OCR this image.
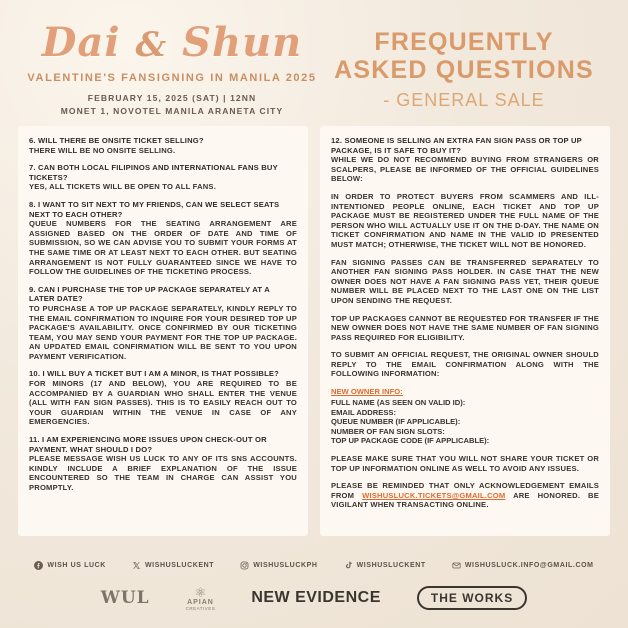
Dai & Shun
VALENTINE'S FANSIGNING IN MANILA 2025
FEBRUARY 15, 2025 (SAT) | 12NN
MONET 1, NOVOTEL MANILA ARANETA CITY
FREQUENTLY
ASKED QUESTIONS
- GENERAL SALE
6. WILL THERE BE ONSITE TICKET SELLING?
THERE WILL BE NO ONSITE SELLING.
7. CAN BOTH LOCAL FILIPINOS AND INTERNATIONAL FANS BUY TICKETS?
YES, ALL TICKETS WILL BE OPEN TO ALL FANS.
8. I WANT TO SIT NEXT TO MY FRIENDS, CAN WE SELECT SEATS NEXT TO EACH OTHER?
QUEUE NUMBERS FOR THE SEATING ARRANGEMENT ARE ASSIGNED BASED ON THE ORDER OF DATE AND TIME OF SUBMISSION, SO WE CAN ADVISE YOU TO SUBMIT YOUR FORMS AT THE SAME TIME OR AT LEAST NEXT TO EACH OTHER. BUT SEATING ARRANGEMENT IS NOT FULLY GUARANTEED SINCE WE HAVE TO FOLLOW THE GUIDELINES OF THE TICKETING PROCESS.
9. CAN I PURCHASE THE TOP UP PACKAGE SEPARATELY AT A LATER DATE?
TO PURCHASE A TOP UP PACKAGE SEPARATELY, KINDLY REPLY TO THE EMAIL CONFIRMATION TO INQUIRE FOR YOUR DESIRED TOP UP PACKAGE'S AVAILABILITY. ONCE CONFIRMED BY OUR TICKETING TEAM, YOU MAY SEND YOUR PAYMENT FOR THE TOP UP PACKAGE. AN UPDATED EMAIL CONFIRMATION WILL BE SENT TO YOU UPON PAYMENT VERIFICATION.
10. I WILL BUY A TICKET BUT I AM A MINOR, IS THAT POSSIBLE?
FOR MINORS (17 AND BELOW), YOU ARE REQUIRED TO BE ACCOMPANIED BY A GUARDIAN WHO SHALL ENTER THE VENUE (ALL WITH FAN SIGN PASSES). THIS IS TO EASILY REACH OUT TO YOUR GUARDIAN WITHIN THE VENUE IN CASE OF ANY EMERGENCIES.
11. I AM EXPERIENCING MORE ISSUES UPON CHECK-OUT OR PAYMENT. WHAT SHOULD I DO?
PLEASE MESSAGE WISH US LUCK TO ANY OF ITS SNS ACCOUNTS. KINDLY INCLUDE A BRIEF EXPLANATION OF THE ISSUE ENCOUNTERED SO THE TEAM IN CHARGE CAN ASSIST YOU PROMPTLY.
12. SOMEONE IS SELLING AN EXTRA FAN SIGN PASS OR TOP UP PACKAGE, IS IT SAFE TO BUY IT?
WHILE WE DO NOT RECOMMEND BUYING FROM STRANGERS OR SCALPERS, PLEASE BE INFORMED OF THE OFFICIAL GUIDELINES BELOW:
IN ORDER TO PROTECT BUYERS FROM SCAMMERS AND ILL-INTENTIONED PEOPLE ONLINE, EACH TICKET AND TOP UP PACKAGE MUST BE REGISTERED UNDER THE FULL NAME OF THE PERSON WHO WILL ACTUALLY USE IT ON THE D-DAY. THE NAME ON TICKET CONFIRMATION AND NAME IN THE VALID ID PRESENTED MUST MATCH; OTHERWISE, THE TICKET WILL NOT BE HONORED.
FAN SIGNING PASSES CAN BE TRANSFERRED SEPARATELY TO ANOTHER FAN SIGNING PASS HOLDER. IN CASE THAT THE NEW OWNER DOES NOT HAVE A FAN SIGNING PASS YET, THEIR QUEUE NUMBER WILL BE PLACED NEXT TO THE LAST ONE ON THE LIST UPON SENDING THE REQUEST.
TOP UP PACKAGES CANNOT BE REQUESTED FOR TRANSFER IF THE NEW OWNER DOES NOT HAVE THE SAME NUMBER OF FAN SIGNING PASS REQUIRED FOR ELIGIBILITY.
TO SUBMIT AN OFFICIAL REQUEST, THE ORIGINAL OWNER SHOULD REPLY TO THE EMAIL CONFIRMATION ALONG WITH THE FOLLOWING INFORMATION:
NEW OWNER INFO:
FULL NAME (AS SEEN ON VALID ID):
EMAIL ADDRESS:
QUEUE NUMBER (IF APPLICABLE):
NUMBER OF FAN SIGN SLOTS:
TOP UP PACKAGE CODE (IF APPLICABLE):
PLEASE MAKE SURE THAT YOU WILL NOT SHARE YOUR TICKET OR TOP UP INFORMATION ONLINE AS WELL TO AVOID ANY ISSUES.
PLEASE BE REMINDED THAT ONLY ACKNOWLEDGEMENT EMAILS FROM WISHUSLUCK.TICKETS@GMAIL.COM ARE HONORED. BE VIGILANT WHEN TRANSACTING ONLINE.
WISH US LUCK	WISHUSLUCKENT	WISHUSLUCKPH	WISHUSLUCKENT	WISHUSLUCK.INFO@GMAIL.COM
WUL	⚛
APIAN
CREATIVES
NEW EVIDENCE	THE WORKS
